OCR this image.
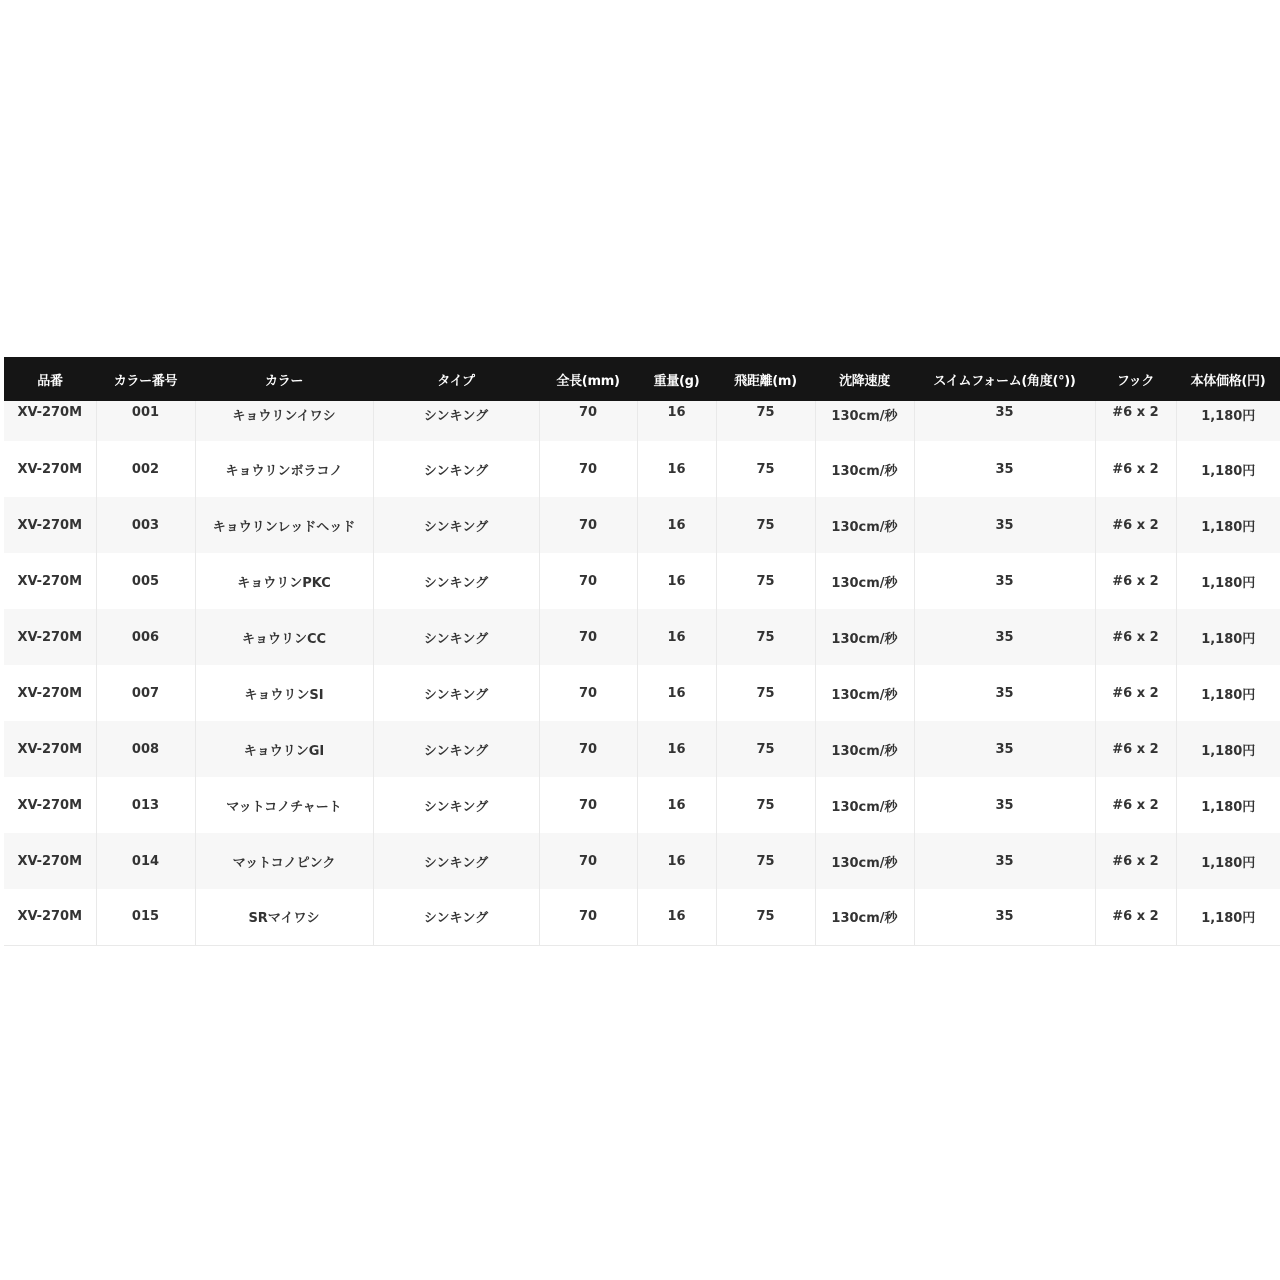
品番	カラー番号	カラー	タイプ	全長(mm)	重量(g)	飛距離(m)	沈降速度	スイムフォーム(角度(°))	フック	本体価格(円)
XV-270M	001	キョウリンイワシ	シンキング	70	16	75	130cm/秒	35	#6 x 2	1,180円
XV-270M	002	キョウリンボラコノ	シンキング	70	16	75	130cm/秒	35	#6 x 2	1,180円
XV-270M	003	キョウリンレッドヘッド	シンキング	70	16	75	130cm/秒	35	#6 x 2	1,180円
XV-270M	005	キョウリンPKC	シンキング	70	16	75	130cm/秒	35	#6 x 2	1,180円
XV-270M	006	キョウリンCC	シンキング	70	16	75	130cm/秒	35	#6 x 2	1,180円
XV-270M	007	キョウリンSI	シンキング	70	16	75	130cm/秒	35	#6 x 2	1,180円
XV-270M	008	キョウリンGI	シンキング	70	16	75	130cm/秒	35	#6 x 2	1,180円
XV-270M	013	マットコノチャート	シンキング	70	16	75	130cm/秒	35	#6 x 2	1,180円
XV-270M	014	マットコノピンク	シンキング	70	16	75	130cm/秒	35	#6 x 2	1,180円
XV-270M	015	SRマイワシ	シンキング	70	16	75	130cm/秒	35	#6 x 2	1,180円
